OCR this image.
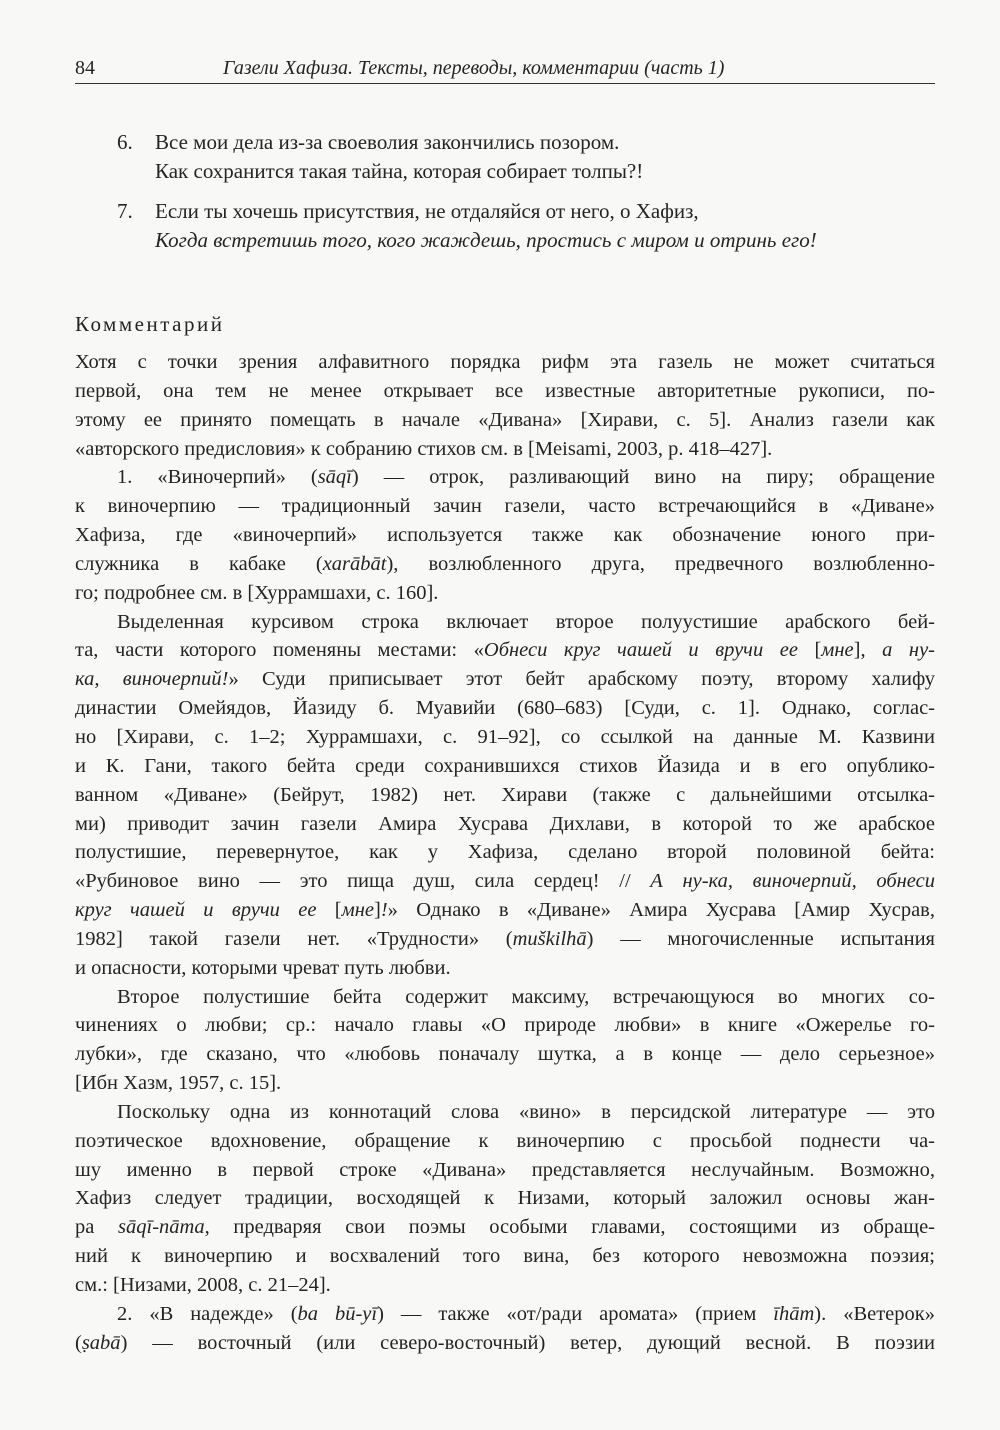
84	Газели Хафиза. Тексты, переводы, комментарии (часть 1)
6. Все мои дела из-за своеволия закончились позором.
Как сохранится такая тайна, которая собирает толпы?!
7. Если ты хочешь присутствия, не отдаляйся от него, о Хафиз,
Когда встретишь того, кого жаждешь, простись с миром и отринь его!
Комментарий
Хотя с точки зрения алфавитного порядка рифм эта газель не может считаться
первой, она тем не менее открывает все известные авторитетные рукописи, по-
этому ее принято помещать в начале «Дивана» [Хирави, с. 5]. Анализ газели как
«авторского предисловия» к собранию стихов см. в [Meisami, 2003, p. 418–427].
1. «Виночерпий» (sāqī) — отрок, разливающий вино на пиру; обращение
к виночерпию — традиционный зачин газели, часто встречающийся в «Диване»
Хафиза, где «виночерпий» используется также как обозначение юного при-
служника в кабаке (xarābāt), возлюбленного друга, предвечного возлюбленно-
го; подробнее см. в [Хуррамшахи, с. 160].
Выделенная курсивом строка включает второе полуустишие арабского бей-
та, части которого поменяны местами: «Обнеси круг чашей и вручи ее [мне], а ну-
ка, виночерпий!» Суди приписывает этот бейт арабскому поэту, второму халифу
династии Омейядов, Йазиду б. Муавийи (680–683) [Суди, с. 1]. Однако, соглас-
но [Хирави, с. 1–2; Хуррамшахи, с. 91–92], со ссылкой на данные М. Казвини
и К. Гани, такого бейта среди сохранившихся стихов Йазида и в его опублико-
ванном «Диване» (Бейрут, 1982) нет. Хирави (также с дальнейшими отсылка-
ми) приводит зачин газели Амира Хусрава Дихлави, в которой то же арабское
полустишие, перевернутое, как у Хафиза, сделано второй половиной бейта:
«Рубиновое вино — это пища душ, сила сердец! // А ну-ка, виночерпий, обнеси
круг чашей и вручи ее [мне]!» Однако в «Диване» Амира Хусрава [Амир Хусрав,
1982] такой газели нет. «Трудности» (muškilhā) — многочисленные испытания
и опасности, которыми чреват путь любви.
Второе полустишие бейта содержит максиму, встречающуюся во многих со-
чинениях о любви; ср.: начало главы «О природе любви» в книге «Ожерелье го-
лубки», где сказано, что «любовь поначалу шутка, а в конце — дело серьезное»
[Ибн Хазм, 1957, с. 15].
Поскольку одна из коннотаций слова «вино» в персидской литературе — это
поэтическое вдохновение, обращение к виночерпию с просьбой поднести ча-
шу именно в первой строке «Дивана» представляется неслучайным. Возможно,
Хафиз следует традиции, восходящей к Низами, который заложил основы жан-
ра sāqī-nāma, предваряя свои поэмы особыми главами, состоящими из обраще-
ний к виночерпию и восхвалений того вина, без которого невозможна поэзия;
см.: [Низами, 2008, с. 21–24].
2. «В надежде» (ba bū-yī) — также «от/ради аромата» (прием īhām). «Ветерок»
(ṣabā) — восточный (или северо-восточный) ветер, дующий весной. В поэзии
